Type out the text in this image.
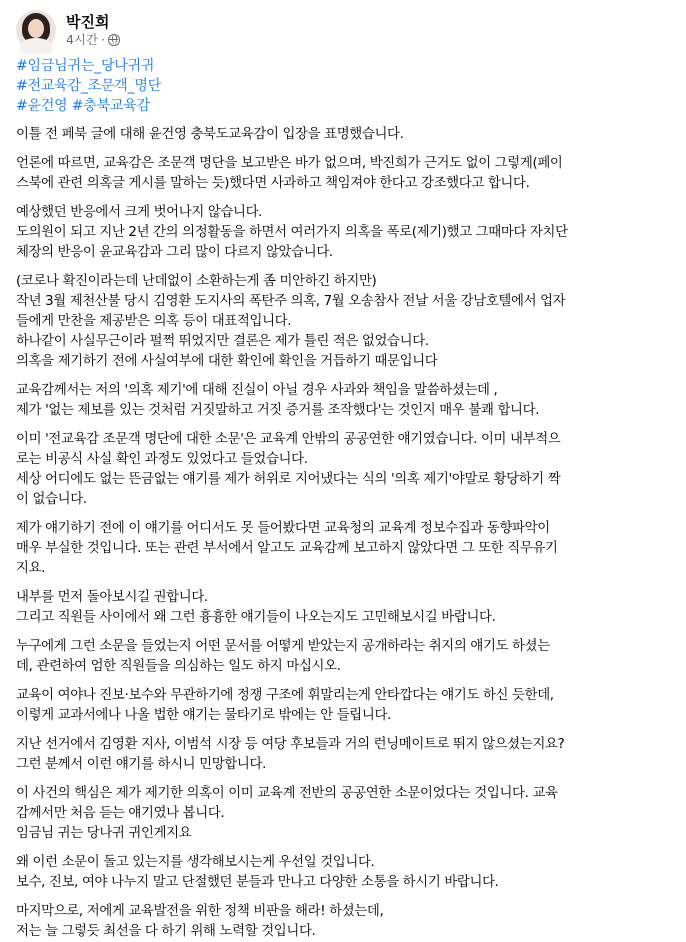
박진희
4시간 ·
#임금님귀는_당나귀귀
#전교육감_조문객_명단
#윤건영 #충북교육감
이틀 전 페북 글에 대해 윤건영 충북도교육감이 입장을 표명했습니다.
언론에 따르면, 교육감은 조문객 명단을 보고받은 바가 없으며, 박진희가 근거도 없이 그렇게(페이
스북에 관련 의혹글 게시를 말하는 듯)했다면 사과하고 책임져야 한다고 강조했다고 합니다.
예상했던 반응에서 크게 벗어나지 않습니다.
도의원이 되고 지난 2년 간의 의정활동을 하면서 여러가지 의혹을 폭로(제기)했고 그때마다 자치단
체장의 반응이 윤교육감과 그리 많이 다르지 않았습니다.
(코로나 확진이라는데 난데없이 소환하는게 좀 미안하긴 하지만)
작년 3월 제천산불 당시 김영환 도지사의 폭탄주 의혹, 7월 오송참사 전날 서울 강남호텔에서 업자
들에게 만찬을 제공받은 의혹 등이 대표적입니다.
하나같이 사실무근이라 펄쩍 뛰었지만 결론은 제가 틀린 적은 없었습니다.
의혹을 제기하기 전에 사실여부에 대한 확인에 확인을 거듭하기 때문입니다
교육감께서는 저의 '의혹 제기'에 대해 진실이 아닐 경우 사과와 책임을 말씀하셨는데 ,
제가 '없는 제보를 있는 것처럼 거짓말하고 거짓 증거를 조작했다'는 것인지 매우 불쾌 합니다.
이미 '전교육감 조문객 명단에 대한 소문'은 교육계 안밖의 공공연한 얘기였습니다. 이미 내부적으
로는 비공식 사실 확인 과정도 있었다고 들었습니다.
세상 어디에도 없는 뜬금없는 얘기를 제가 허위로 지어냈다는 식의 '의혹 제기'야말로 황당하기 짝
이 없습니다.
제가 얘기하기 전에 이 얘기를 어디서도 못 들어봤다면 교육청의 교육계 정보수집과 동향파악이
매우 부실한 것입니다. 또는 관련 부서에서 알고도 교육감께 보고하지 않았다면 그 또한 직무유기
지요.
내부를 먼저 돌아보시길 권합니다.
그리고 직원들 사이에서 왜 그런 흉흉한 얘기들이 나오는지도 고민해보시길 바랍니다.
누구에게 그런 소문을 들었는지 어떤 문서를 어떻게 받았는지 공개하라는 취지의 얘기도 하셨는
데, 관련하여 엄한 직원들을 의심하는 일도 하지 마십시오.
교육이 여야나 진보·보수와 무관하기에 정쟁 구조에 휘말리는게 안타깝다는 얘기도 하신 듯한데,
이렇게 교과서에나 나올 법한 얘기는 물타기로 밖에는 안 들립니다.
지난 선거에서 김영환 지사, 이범석 시장 등 여당 후보들과 거의 런닝메이트로 뛰지 않으셨는지요?
그런 분께서 이런 얘기를 하시니 민망합니다.
이 사건의 핵심은 제가 제기한 의혹이 이미 교육계 전반의 공공연한 소문이었다는 것입니다. 교육
감께서만 처음 듣는 얘기였나 봅니다.
임금님 귀는 당나귀 귀인게지요
왜 이런 소문이 돌고 있는지를 생각해보시는게 우선일 것입니다.
보수, 진보, 여야 나누지 말고 단절했던 분들과 만나고 다양한 소통을 하시기 바랍니다.
마지막으로, 저에게 교육발전을 위한 정책 비판을 해라! 하셨는데,
저는 늘 그렇듯 최선을 다 하기 위해 노력할 것입니다.
